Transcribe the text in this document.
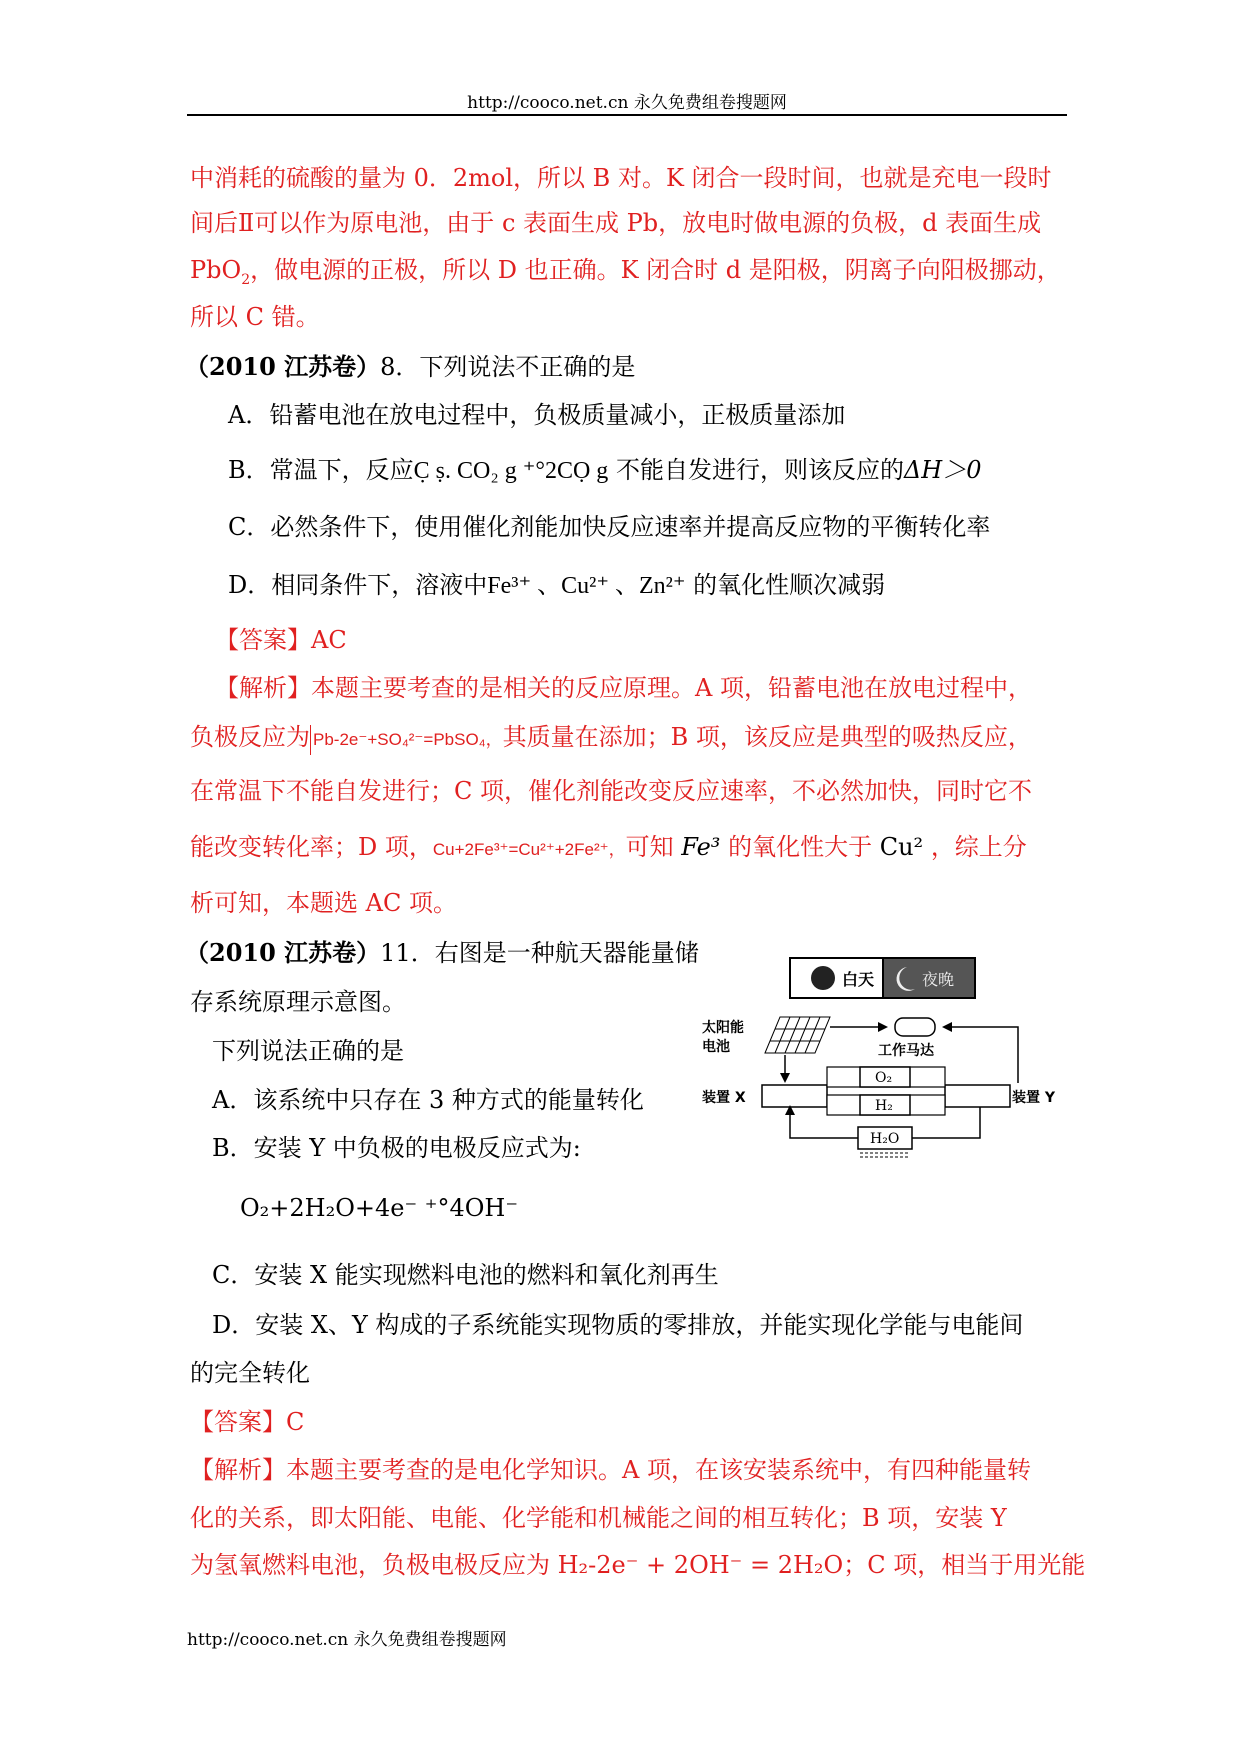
http://cooco.net.cn 永久免费组卷搜题网
中消耗的硫酸的量为 0．2mol，所以 B 对。K 闭合一段时间，也就是充电一段时
间后Ⅱ可以作为原电池，由于 c 表面生成 Pb，放电时做电源的负极，d 表面生成
PbO$_2$，做电源的正极，所以 D 也正确。K 闭合时 d 是阳极，阴离子向阳极挪动，
所以 C 错。
（2010 江苏卷）8．下列说法不正确的是
A．铅蓄电池在放电过程中，负极质量减小，正极质量添加
B．常温下，反应C̣ ṣ. CO₂ g ⁺°2CỌ g 不能自发进行，则该反应的ΔH＞0
C．必然条件下，使用催化剂能加快反应速率并提高反应物的平衡转化率
D．相同条件下，溶液中Fe³⁺ 、Cu²⁺ 、Zn²⁺ 的氧化性顺次减弱
【答案】AC
【解析】本题主要考查的是相关的反应原理。A 项，铅蓄电池在放电过程中，
负极反应为 Pb-2e⁻+SO₄²⁻=PbSO₄，其质量在添加；B 项，该反应是典型的吸热反应，
在常温下不能自发进行；C 项，催化剂能改变反应速率，不必然加快，同时它不
能改变转化率；D 项，Cu+2Fe³⁺=Cu²⁺+2Fe²⁺，可知 Fe³ 的氧化性大于 Cu² ，综上分
析可知，本题选 AC 项。
（2010 江苏卷）11．右图是一种航天器能量储
存系统原理示意图。
下列说法正确的是
A．该系统中只存在 3 种方式的能量转化
B．安装 Y 中负极的电极反应式为:
O₂+2H₂O+4e⁻ ⁺°4OH⁻
C．安装 X 能实现燃料电池的燃料和氧化剂再生
D．安装 X、Y 构成的子系统能实现物质的零排放，并能实现化学能与电能间
的完全转化
【答案】C
【解析】本题主要考查的是电化学知识。A 项，在该安装系统中，有四种能量转
化的关系，即太阳能、电能、化学能和机械能之间的相互转化；B 项，安装 Y
为氢氧燃料电池，负极电极反应为 H₂-2e⁻ + 2OH⁻ = 2H₂O；C 项，相当于用光能
白天	夜晚
太阳能
电池	工作马达
装置 X	装置 Y
O₂
H₂
H₂O
http://cooco.net.cn 永久免费组卷搜题网
